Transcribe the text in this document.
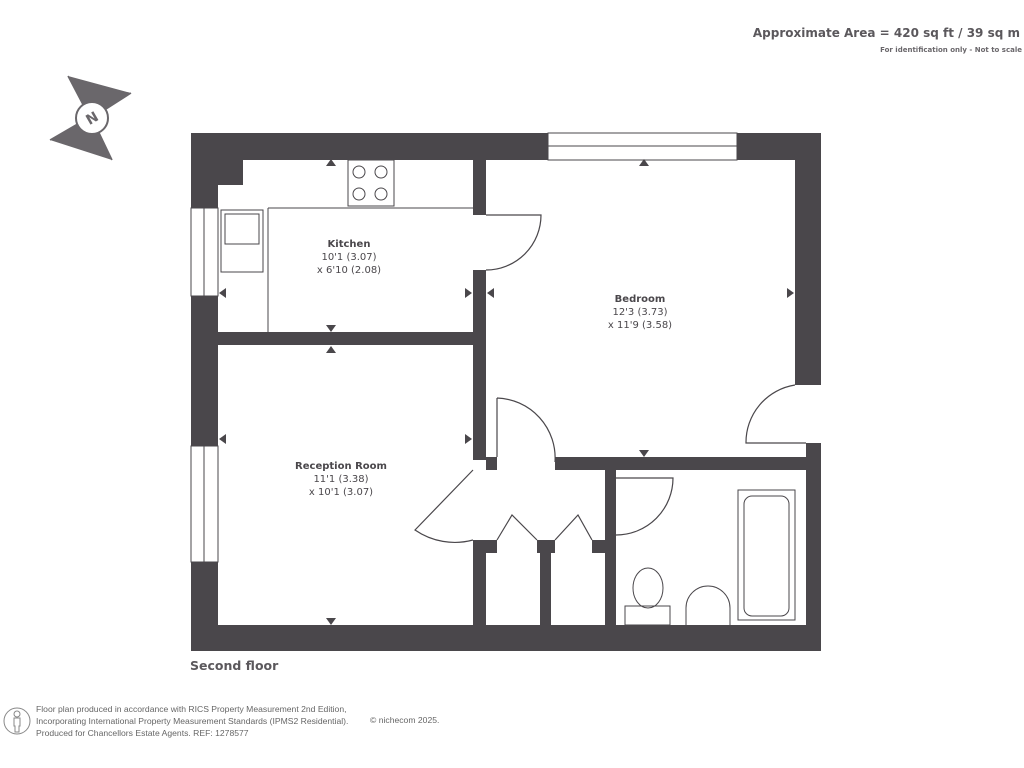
Approximate Area = 420 sq ft / 39 sq m
For identification only - Not to scale
N
Kitchen
10'1 (3.07)
x 6'10 (2.08)
Bedroom
12'3 (3.73)
x 11'9 (3.58)
Reception Room
11'1 (3.38)
x 10'1 (3.07)
Second floor
Floor plan produced in accordance with RICS Property Measurement 2nd Edition,
Incorporating International Property Measurement Standards (IPMS2 Residential).
Produced for Chancellors Estate Agents. REF: 1278577
© nichecom 2025.
